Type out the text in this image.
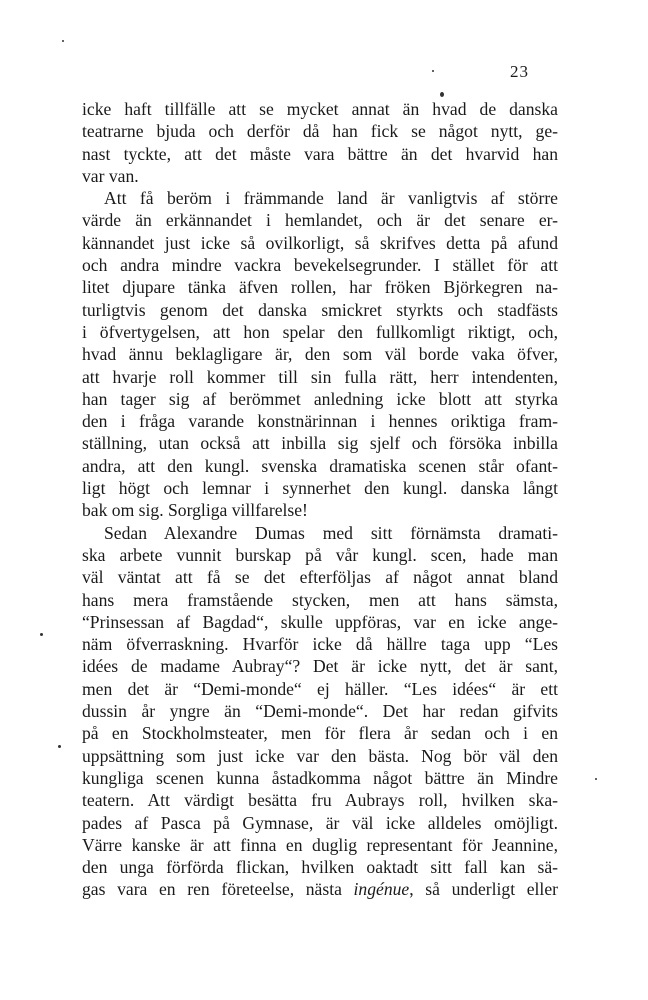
23
icke haft tillfälle att se mycket annat än hvad de danska
teatrarne bjuda och derför då han fick se något nytt, ge-
nast tyckte, att det måste vara bättre än det hvarvid han
var van.
Att få beröm i främmande land är vanligtvis af större
värde än erkännandet i hemlandet, och är det senare er-
kännandet just icke så ovilkorligt, så skrifves detta på afund
och andra mindre vackra bevekelsegrunder. I stället för att
litet djupare tänka äfven rollen, har fröken Björkegren na-
turligtvis genom det danska smickret styrkts och stadfästs
i öfvertygelsen, att hon spelar den fullkomligt riktigt, och,
hvad ännu beklagligare är, den som väl borde vaka öfver,
att hvarje roll kommer till sin fulla rätt, herr intendenten,
han tager sig af berömmet anledning icke blott att styrka
den i fråga varande konstnärinnan i hennes oriktiga fram-
ställning, utan också att inbilla sig sjelf och försöka inbilla
andra, att den kungl. svenska dramatiska scenen står ofant-
ligt högt och lemnar i synnerhet den kungl. danska långt
bak om sig. Sorgliga villfarelse!
Sedan Alexandre Dumas med sitt förnämsta dramati-
ska arbete vunnit burskap på vår kungl. scen, hade man
väl väntat att få se det efterföljas af något annat bland
hans mera framstående stycken, men att hans sämsta,
“Prinsessan af Bagdad“, skulle uppföras, var en icke ange-
näm öfverraskning. Hvarför icke då hällre taga upp “Les
idées de madame Aubray“? Det är icke nytt, det är sant,
men det är “Demi-monde“ ej häller. “Les idées“ är ett
dussin år yngre än “Demi-monde“. Det har redan gifvits
på en Stockholmsteater, men för flera år sedan och i en
uppsättning som just icke var den bästa. Nog bör väl den
kungliga scenen kunna åstadkomma något bättre än Mindre
teatern. Att värdigt besätta fru Aubrays roll, hvilken ska-
pades af Pasca på Gymnase, är väl icke alldeles omöjligt.
Värre kanske är att finna en duglig representant för Jeannine,
den unga förförda flickan, hvilken oaktadt sitt fall kan sä-
gas vara en ren företeelse, nästa ingénue, så underligt eller
